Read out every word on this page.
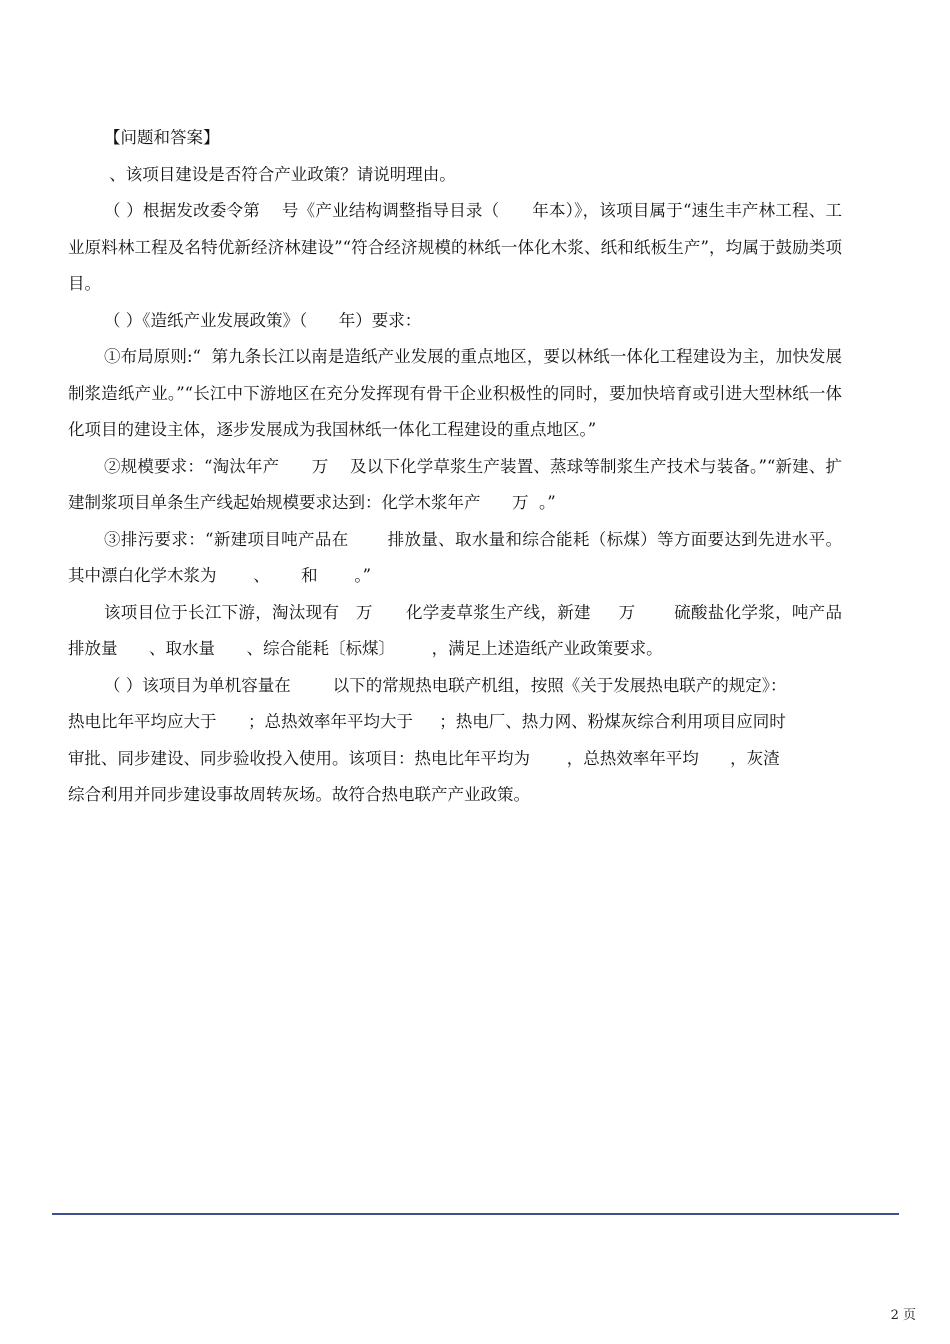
【问题和答案】

、该项目建设是否符合产业政策？请说明理由。

（ ）根据发改委令第    号《产业结构调整指导目录（      年本）》，该项目属于“速生丰产林工程、工业原料林工程及名特优新经济林建设”“符合经济规模的林纸一体化木浆、纸和纸板生产”，均属于鼓励类项目。

（ ）《造纸产业发展政策》（      年）要求：

①布局原则:“  第九条长江以南是造纸产业发展的重点地区，要以林纸一体化工程建设为主，加快发展制浆造纸产业。”“长江中下游地区在充分发挥现有骨干企业积极性的同时，要加快培育或引进大型林纸一体化项目的建设主体，逐步发展成为我国林纸一体化工程建设的重点地区。”

②规模要求：“淘汰年产      万    及以下化学草浆生产装置、蒸球等制浆生产技术与装备。”“新建、扩建制浆项目单条生产线起始规模要求达到：化学木浆年产      万  。”

③排污要求：“新建项目吨产品在       排放量、取水量和综合能耗（标煤）等方面要达到先进水平。其中漂白化学木浆为       、      和       。”

该项目位于长江下游，淘汰现有   万      化学麦草浆生产线，新建     万       硫酸盐化学浆，吨产品       排放量      、取水量      、综合能耗〔标煤〕       ，满足上述造纸产业政策要求。

（ ）该项目为单机容量在        以下的常规热电联产机组，按照《关于发展热电联产的规定》：

热电比年平均应大于      ；总热效率年平均大于     ；热电厂、热力网、粉煤灰综合利用项目应同时

审批、同步建设、同步验收投入使用。该项目：热电比年平均为       ，总热效率年平均      ，灰渣

综合利用并同步建设事故周转灰场。故符合热电联产产业政策。

2 页
